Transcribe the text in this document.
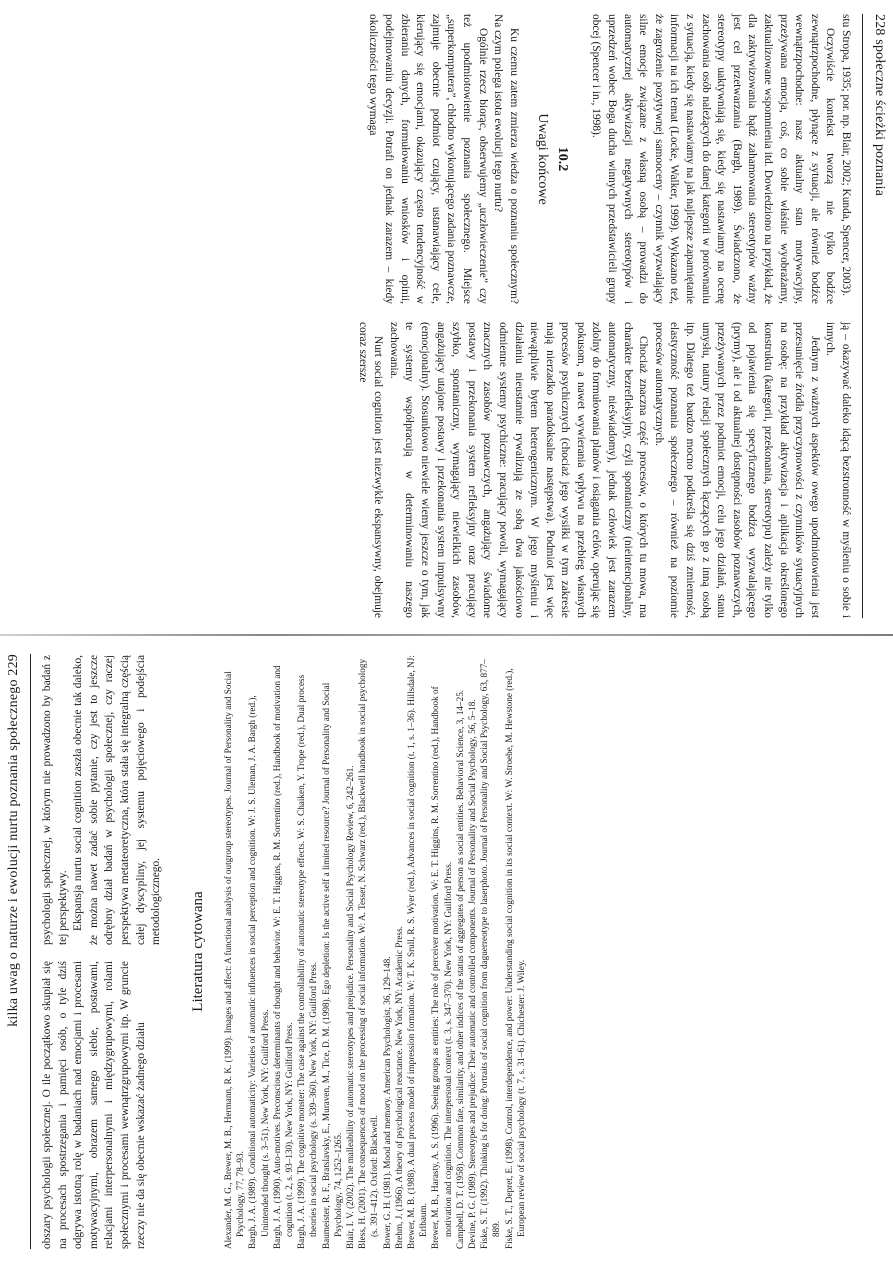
228 społeczne ścieżki poznania

stu Stropa, 1935; por. np. Blair, 2002; Kunda, Spencer, 2003).

Oczywiście kontekst tworzą nie tylko bodźce zewnątrzpochodne, płynące z sytuacji, ale również bodźce wewnątrzpochodne: nasz aktualny stan motywacyjny, przeżywana emocja, coś, co sobie właśnie wyobrażamy, zaktualizowane wspomnienia itd. Dowiedziono na przykład, że dla zaktywizowania bądź zahamowania stereotypów ważny jest cel przetwarzania (Bargh, 1989). Świadczono, że stereotypy uaktywniają się, kiedy się nastawiamy na ocenę zachowania osób należących do danej kategorii w porównaniu z sytuacją, kiedy się nastawiamy na jak najlepsze zapamiętanie informacji na ich temat (Locke, Walker, 1999). Wykazano też, że zagrożenie pozytywnej samooceny – czynnik wyzwalający silne emocje związane z własną osobą – prowadzi do automatycznej aktywizacji negatywnych stereotypów i uprzedzeń wobec Boga ducha winnych przedstawicieli grupy obcej (Spencer i in., 1998).

10.2
Uwagi końcowe

Ku czemu zatem zmierza wiedza o poznaniu społecznym? Na czym polega istota ewolucji tego nurtu?

Ogólnie rzecz biorąc, obserwujemy „uczłowieczenie” czy też upodmiotowienie poznania społecznego. Miejsce „superkomputera”, chłodno wykonującego zadania poznawcze, zajmuje obecnie podmiot czujący, ustanawiający cele, kierujący się emocjami, okazujący często tendencyjność w zbieraniu danych, formułowaniu wniosków i opinii, podejmowaniu decyzji. Potrafi on jednak zarazem – kiedy okoliczności tego wymaga

ją – okazywać daleko idącą bezstronność w myśleniu o sobie i innych.

Jednym z ważnych aspektów owego upodmiotowienia jest przesunięcie źródła przyczynowości z czynników sytuacyjnych na osobę: na przykład aktywizacja i aplikacja określonego konstruktu (kategorii, przekonania, stereotypu) zależy nie tylko od pojawienia się specyficznego bodźca wyzwalającego (prymy), ale i od aktualnej dostępności zasobów poznawczych, przeżywanych przez podmiot emocji, celu jego działań, stanu umysłu, natury relacji społecznych łączących go z inną osobą itp. Dlatego też bardzo mocno podkreśla się dziś zmienność, elastyczność poznania społecznego – również na poziomie procesów automatycznych.

Chociaż znaczna część procesów, o których tu mowa, ma charakter bezrefleksyjny, czyli spontaniczny (nieintencjonalny, automatyczny, nieświadomy), jednak człowiek jest zarazem zdolny do formułowania planów i osiągania celów, operując się pokusom, a nawet wywierania wpływu na przebieg własnych procesów psychicznych (chociaż jego wysiłki w tym zakresie mają nierzadko paradoksalne następstwa). Podmiot jest więc niewątpliwie bytem heterogenicznym. W jego myśleniu i działaniu nieustannie rywalizują ze sobą dwa jakościowo odmienne systemy psychiczne: pracujący powoli, wymagający znacznych zasobów poznawczych, angażujący świadome postawy i przekonania system refleksyjny oraz pracujący szybko, spontaniczny, wymagający niewielkich zasobów, angażujący utajone postawy i przekonania system impulsywny (emocjonalny). Stosunkowo niewiele wiemy jeszcze o tym, jak te systemy współpracują w determinowaniu naszego zachowania.

Nurt social cognition jest niezwykle ekspansywny, obejmuje coraz szersze

kilka uwag o naturze i ewolucji nurtu poznania społecznego 229

obszary psychologii społecznej. O ile początkowo skupiał się na procesach spostrzegania i pamięci osób, o tyle dziś odgrywa istotną rolę w badaniach nad emocjami i procesami motywacyjnymi, obrazem samego siebie, postawami, relacjami interpersonalnymi i międzygrupowymi, rolami społecznymi i procesami wewnątrzgrupowymi itp. W gruncie rzeczy nie da się obecnie wskazać żadnego działu

psychologii społecznej, w którym nie prowadzono by badań z tej perspektywy. Ekspansja nurtu social cognition zaszła obecnie tak daleko, że można nawet zadać sobie pytanie, czy jest to jeszcze odrębny dział badań w psychologii społecznej, czy raczej perspektywa metateoretyczna, która stała się integralną częścią całej dyscypliny, jej systemu pojęciowego i podejścia metodologicznego. Literatura cytowana Alexander, M. G., Brewer, M. B., Hermann, R. K. (1999). Images and affect: A functional analysis of outgroup stereotypes. Journal of Personality and Social Psychology, 77, 78–93. Bargh, J. A. (1989). Conditional automaticity: Varieties of automatic influences in social perception and cognition. W: J. S. Uleman, J. A. Bargh (red.), Unintended thought (s. 3–51). New York, NY: Guilford Press. Bargh, J. A. (1990). Auto-motives. Preconscious determinants of thought and behavior. W: E. T. Higgins, R. M. Sorrentino (red.), Handbook of motivation and cognition (t. 2, s. 93–130). New York, NY: Guilford Press. Bargh, J. A. (1999). The cognitive monster: The case against the controllability of automatic stereotype effects. W: S. Chaiken, Y. Trope (red.), Dual process theories in social psychology (s. 339–360). New York, NY: Guilford Press. Baumeister, R. F., Bratslavsky, E., Muraven, M., Tice, D. M. (1998). Ego depletion: Is the active self a limited resource? Journal of Personality and Social Psychology, 74, 1252–1265. Blair, I. V. (2002). The malleability of automatic stereotypes and prejudice. Personality and Social Psychology Review, 6, 242–261. Bless, H. (2001). The consequences of mood on the processing of social information. W: A. Tesser, N. Schwarz (red.), Blackwell handbook in social psychology (s. 391–412). Oxford: Blackwell. Bower, G. H. (1981). Mood and memory. American Psychologist, 36, 129–148. Brehm, J. (1966). A theory of psychological reactance. New York, NY: Academic Press. Brewer, M. B. (1988). A dual process model of impression formation. W: T. K. Srull, R. S. Wyer (red.), Advances in social cognition (t. 1, s. 1–36). Hillsdale, NJ: Erlbaum. Brewer, M. B., Harasty, A. S. (1996). Seeing groups as entities: The role of perceiver motivation. W: E. T. Higgins, R. M. Sorrentino (red.), Handbook of motivation and cognition. The interpersonal context (t. 3, s. 347–370). New York, NY: Guilford Press. Campbell, D. T. (1958). Common fate, similarity, and other indices of the status of aggregates of person as social entities. Behavioral Science, 3, 14–25. Devine, P. G. (1989). Stereotypes and prejudice: Their automatic and controlled components. Journal of Personality and Social Psychology, 56, 5–18. Fiske, S. T. (1992). Thinking is for doing: Portraits of social cognition from daguerreotype to laserphoto. Journal of Personality and Social Psychology, 63, 877–889. Fiske, S. T., Depret, E. (1998). Control, interdependence, and power: Understanding social cognition in its social context. W: W. Stroebe, M. Hewstone (red.), European review of social psychology (t. 7, s. 31–61). Chichester: J. Wiley.
